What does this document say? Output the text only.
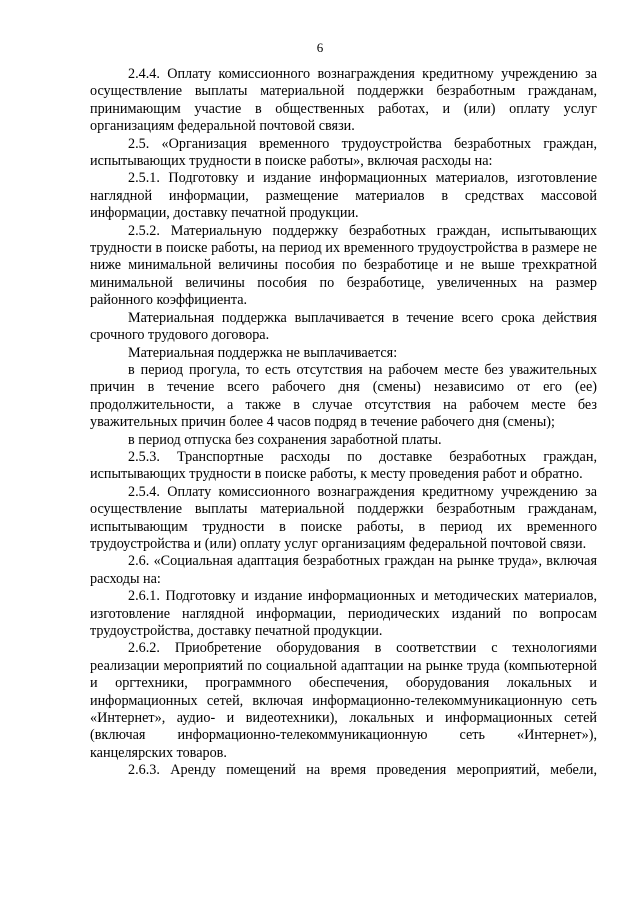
6

2.4.4. Оплату комиссионного вознаграждения кредитному учреждению за осуществление выплаты материальной поддержки безработным гражданам, принимающим участие в общественных работах, и (или) оплату услуг организациям федеральной почтовой связи.

2.5. «Организация временного трудоустройства безработных граждан, испытывающих трудности в поиске работы», включая расходы на:

2.5.1. Подготовку и издание информационных материалов, изготовление наглядной информации, размещение материалов в средствах массовой информации, доставку печатной продукции.

2.5.2. Материальную поддержку безработных граждан, испытывающих трудности в поиске работы, на период их временного трудоустройства в размере не ниже минимальной величины пособия по безработице и не выше трехкратной минимальной величины пособия по безработице, увеличенных на размер районного коэффициента.

Материальная поддержка выплачивается в течение всего срока действия срочного трудового договора.

Материальная поддержка не выплачивается:

в период прогула, то есть отсутствия на рабочем месте без уважительных причин в течение всего рабочего дня (смены) независимо от его (ее) продолжительности, а также в случае отсутствия на рабочем месте без уважительных причин более 4 часов подряд в течение рабочего дня (смены);

в период отпуска без сохранения заработной платы.

2.5.3. Транспортные расходы по доставке безработных граждан, испытывающих трудности в поиске работы, к месту проведения работ и обратно.

2.5.4. Оплату комиссионного вознаграждения кредитному учреждению за осуществление выплаты материальной поддержки безработным гражданам, испытывающим трудности в поиске работы, в период их временного трудоустройства и (или) оплату услуг организациям федеральной почтовой связи.

2.6. «Социальная адаптация безработных граждан на рынке труда», включая расходы на:

2.6.1. Подготовку и издание информационных и методических материалов, изготовление наглядной информации, периодических изданий по вопросам трудоустройства, доставку печатной продукции.

2.6.2. Приобретение оборудования в соответствии с технологиями реализации мероприятий по социальной адаптации на рынке труда (компьютерной и оргтехники, программного обеспечения, оборудования локальных и информационных сетей, включая информационно-телекоммуникационную сеть «Интернет», аудио- и видеотехники), локальных и информационных сетей (включая информационно-телекоммуникационную сеть «Интернет»), канцелярских товаров.

2.6.3. Аренду помещений на время проведения мероприятий, мебели,
